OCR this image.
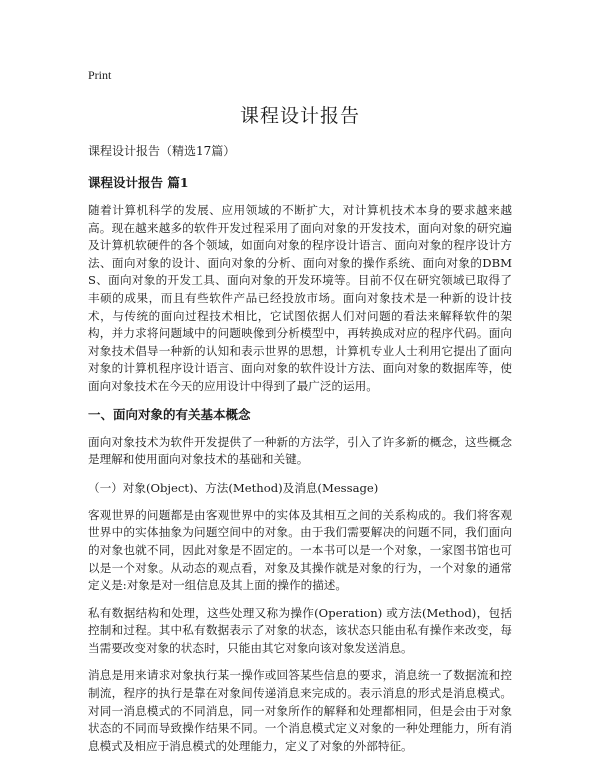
Print
课程设计报告

课程设计报告（精选17篇）

课程设计报告 篇1

随着计算机科学的发展、应用领域的不断扩大，对计算机技术本身的要求越来越高。现在越来越多的软件开发过程采用了面向对象的开发技术，面向对象的研究遍及计算机软硬件的各个领域，如面向对象的程序设计语言、面向对象的程序设计方法、面向对象的设计、面向对象的分析、面向对象的操作系统、面向对象的DBMS、面向对象的开发工具、面向对象的开发环境等。目前不仅在研究领域已取得了丰硕的成果，而且有些软件产品已经投放市场。面向对象技术是一种新的设计技术，与传统的面向过程技术相比，它试图依据人们对问题的看法来解释软件的架构，并力求将问题域中的问题映像到分析模型中，再转换成对应的程序代码。面向对象技术倡导一种新的认知和表示世界的思想，计算机专业人士利用它提出了面向对象的计算机程序设计语言、面向对象的软件设计方法、面向对象的数据库等，使面向对象技术在今天的应用设计中得到了最广泛的运用。

一、面向对象的有关基本概念

面向对象技术为软件开发提供了一种新的方法学，引入了许多新的概念，这些概念是理解和使用面向对象技术的基础和关键。

（一）对象(Object)、方法(Method)及消息(Message)

客观世界的问题都是由客观世界中的实体及其相互之间的关系构成的。我们将客观世界中的实体抽象为问题空间中的对象。由于我们需要解决的问题不同，我们面向的对象也就不同，因此对象是不固定的。一本书可以是一个对象，一家图书馆也可以是一个对象。从动态的观点看，对象及其操作就是对象的行为，一个对象的通常定义是:对象是对一组信息及其上面的操作的描述。

私有数据结构和处理，这些处理又称为操作(Operation) 或方法(Method)，包括控制和过程。其中私有数据表示了对象的状态，该状态只能由私有操作来改变，每当需要改变对象的状态时，只能由其它对象向该对象发送消息。

消息是用来请求对象执行某一操作或回答某些信息的要求，消息统一了数据流和控制流，程序的执行是靠在对象间传递消息来完成的。表示消息的形式是消息模式。对同一消息模式的不同消息，同一对象所作的解释和处理都相同，但是会由于对象状态的不同而导致操作结果不同。一个消息模式定义对象的一种处理能力，所有消息模式及相应于消息模式的处理能力，定义了对象的外部特征。
